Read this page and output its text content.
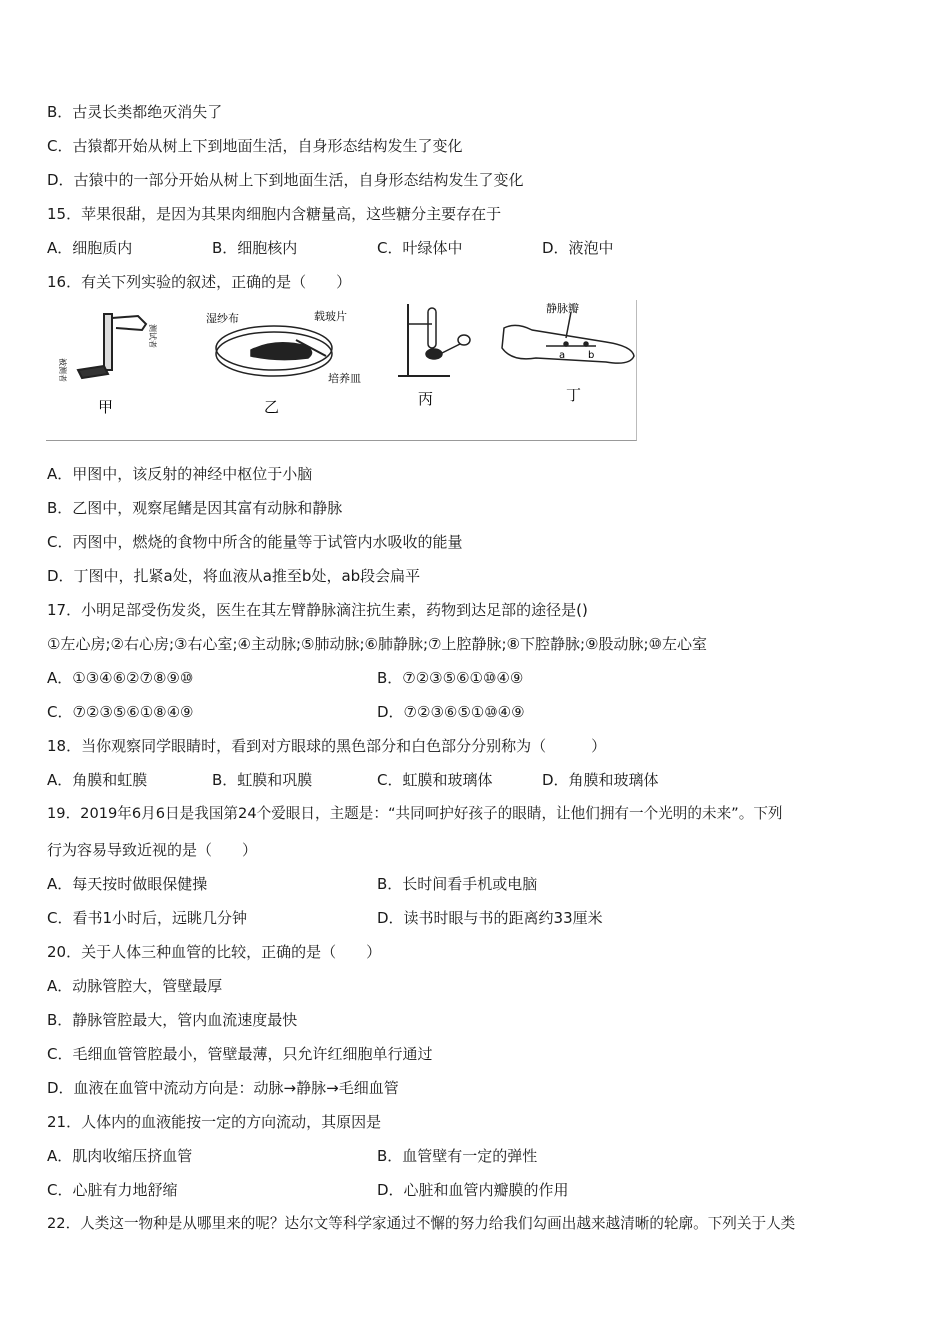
B．古灵长类都绝灭消失了
C．古猿都开始从树上下到地面生活，自身形态结构发生了变化
D．古猿中的一部分开始从树上下到地面生活，自身形态结构发生了变化
15．苹果很甜，是因为其果肉细胞内含糖量高，这些糖分主要存在于
A．细胞质内	B．细胞核内	C．叶绿体中	D．液泡中
16．有关下列实验的叙述，正确的是（　　）
测试者
被测者
甲
湿纱布	载玻片
培养皿
乙	丙
静脉瓣
a b
丁
A．甲图中，该反射的神经中枢位于小脑
B．乙图中，观察尾鳍是因其富有动脉和静脉
C．丙图中，燃烧的食物中所含的能量等于试管内水吸收的能量
D．丁图中，扎紧a处，将血液从a推至b处，ab段会扁平
17．小明足部受伤发炎，医生在其左臂静脉滴注抗生素，药物到达足部的途径是()
①左心房;②右心房;③右心室;④主动脉;⑤肺动脉;⑥肺静脉;⑦上腔静脉;⑧下腔静脉;⑨股动脉;⑩左心室
A．①③④⑥②⑦⑧⑨⑩	B．⑦②③⑤⑥①⑩④⑨
C．⑦②③⑤⑥①⑧④⑨	D．⑦②③⑥⑤①⑩④⑨
18．当你观察同学眼睛时，看到对方眼球的黑色部分和白色部分分别称为（　　　）
A．角膜和虹膜	B．虹膜和巩膜	C．虹膜和玻璃体	D．角膜和玻璃体
19．2019年6月6日是我国第24个爱眼日，主题是：“共同呵护好孩子的眼睛，让他们拥有一个光明的未来”。下列
行为容易导致近视的是（　　）
A．每天按时做眼保健操	B．长时间看手机或电脑
C．看书1小时后，远眺几分钟	D．读书时眼与书的距离约33厘米
20．关于人体三种血管的比较，正确的是（　　）
A．动脉管腔大，管壁最厚
B．静脉管腔最大，管内血流速度最快
C．毛细血管管腔最小，管壁最薄，只允许红细胞单行通过
D．血液在血管中流动方向是：动脉→静脉→毛细血管
21．人体内的血液能按一定的方向流动，其原因是
A．肌肉收缩压挤血管	B．血管壁有一定的弹性
C．心脏有力地舒缩	D．心脏和血管内瓣膜的作用
22．人类这一物种是从哪里来的呢？达尔文等科学家通过不懈的努力给我们勾画出越来越清晰的轮廓。下列关于人类
